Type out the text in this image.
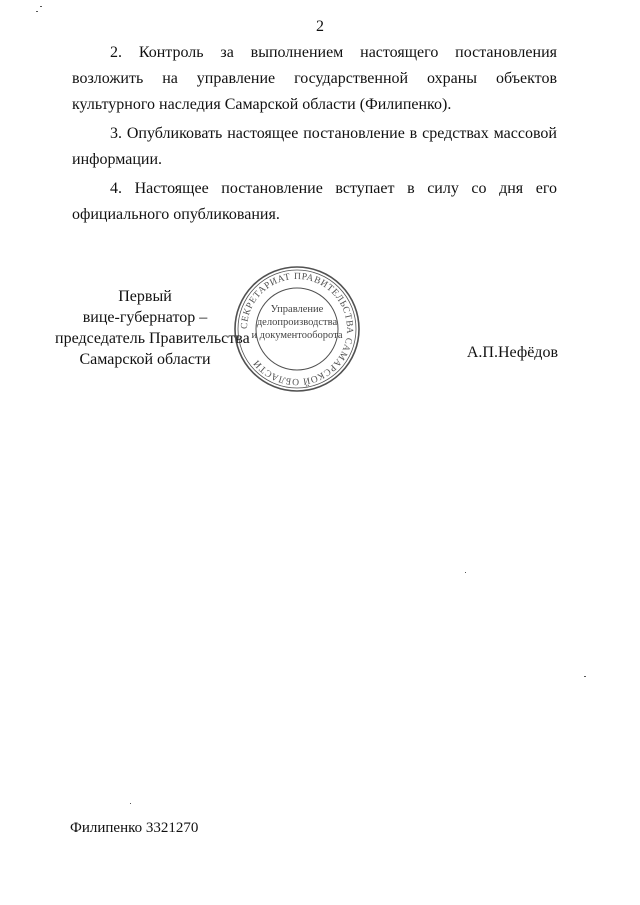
2

2. Контроль за выполнением настоящего постановления возложить на управление государственной охраны объектов культурного наследия Самарской области (Филипенко).

3. Опубликовать настоящее постановление в средствах массовой информации.

4. Настоящее постановление вступает в силу со дня его официального опубликования.

Первый
вице-губернатор –
председатель Правительства
Самарской области
СЕКРЕТАРИАТ ПРАВИТЕЛЬСТВА САМАРСКОЙ ОБЛАСТИ
Управление
делопроизводства
и документооборота
А.П.Нефёдов
Филипенко 3321270
